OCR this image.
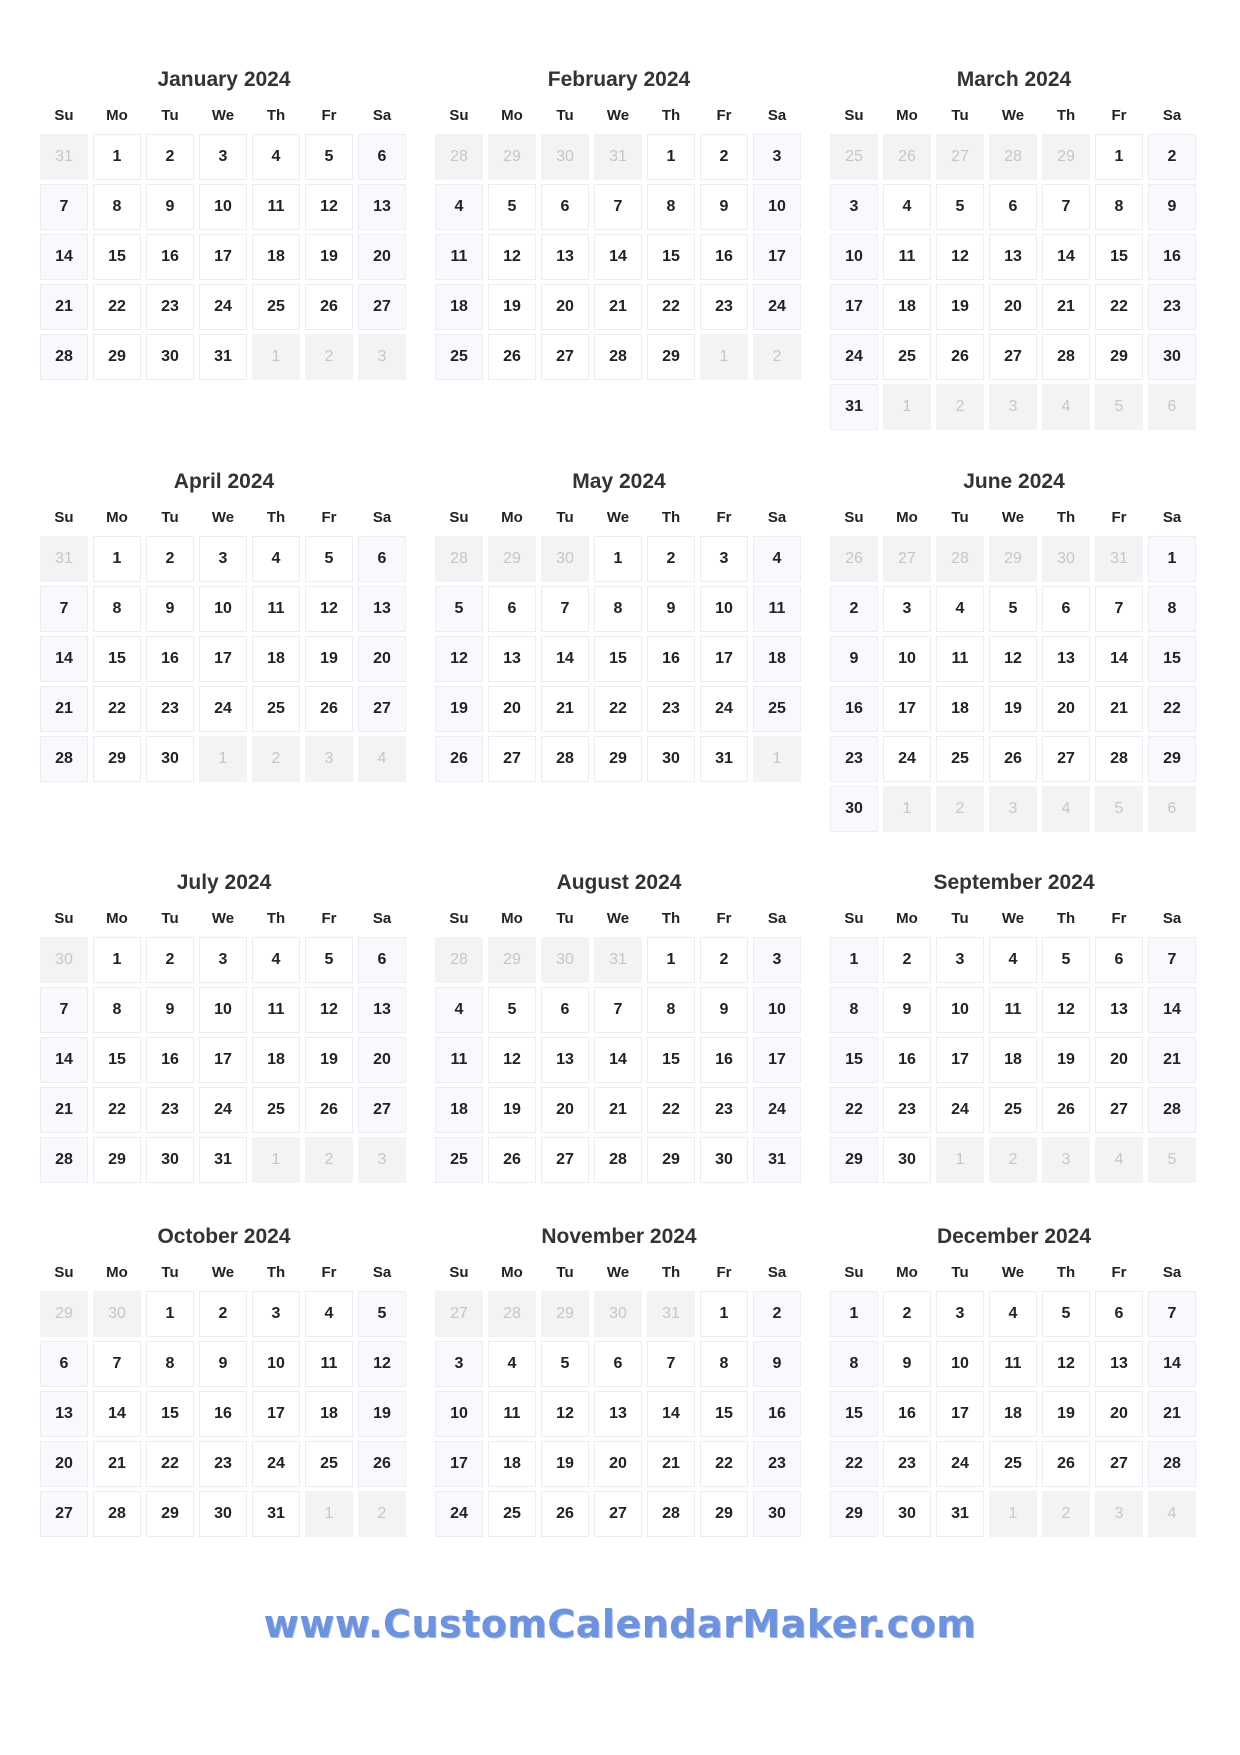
January 2024
Su	Mo	Tu	We	Th	Fr	Sa
31	1	2	3	4	5	6
7	8	9	10	11	12	13
14	15	16	17	18	19	20
21	22	23	24	25	26	27
28	29	30	31	1	2	3
February 2024
Su	Mo	Tu	We	Th	Fr	Sa
28	29	30	31	1	2	3
4	5	6	7	8	9	10
11	12	13	14	15	16	17
18	19	20	21	22	23	24
25	26	27	28	29	1	2
March 2024
Su	Mo	Tu	We	Th	Fr	Sa
25	26	27	28	29	1	2
3	4	5	6	7	8	9
10	11	12	13	14	15	16
17	18	19	20	21	22	23
24	25	26	27	28	29	30
31	1	2	3	4	5	6
April 2024
Su	Mo	Tu	We	Th	Fr	Sa
31	1	2	3	4	5	6
7	8	9	10	11	12	13
14	15	16	17	18	19	20
21	22	23	24	25	26	27
28	29	30	1	2	3	4
May 2024
Su	Mo	Tu	We	Th	Fr	Sa
28	29	30	1	2	3	4
5	6	7	8	9	10	11
12	13	14	15	16	17	18
19	20	21	22	23	24	25
26	27	28	29	30	31	1
June 2024
Su	Mo	Tu	We	Th	Fr	Sa
26	27	28	29	30	31	1
2	3	4	5	6	7	8
9	10	11	12	13	14	15
16	17	18	19	20	21	22
23	24	25	26	27	28	29
30	1	2	3	4	5	6
July 2024
Su	Mo	Tu	We	Th	Fr	Sa
30	1	2	3	4	5	6
7	8	9	10	11	12	13
14	15	16	17	18	19	20
21	22	23	24	25	26	27
28	29	30	31	1	2	3
August 2024
Su	Mo	Tu	We	Th	Fr	Sa
28	29	30	31	1	2	3
4	5	6	7	8	9	10
11	12	13	14	15	16	17
18	19	20	21	22	23	24
25	26	27	28	29	30	31
September 2024
Su	Mo	Tu	We	Th	Fr	Sa
1	2	3	4	5	6	7
8	9	10	11	12	13	14
15	16	17	18	19	20	21
22	23	24	25	26	27	28
29	30	1	2	3	4	5
October 2024
Su	Mo	Tu	We	Th	Fr	Sa
29	30	1	2	3	4	5
6	7	8	9	10	11	12
13	14	15	16	17	18	19
20	21	22	23	24	25	26
27	28	29	30	31	1	2
November 2024
Su	Mo	Tu	We	Th	Fr	Sa
27	28	29	30	31	1	2
3	4	5	6	7	8	9
10	11	12	13	14	15	16
17	18	19	20	21	22	23
24	25	26	27	28	29	30
December 2024
Su	Mo	Tu	We	Th	Fr	Sa
1	2	3	4	5	6	7
8	9	10	11	12	13	14
15	16	17	18	19	20	21
22	23	24	25	26	27	28
29	30	31	1	2	3	4
www.CustomCalendarMaker.com
